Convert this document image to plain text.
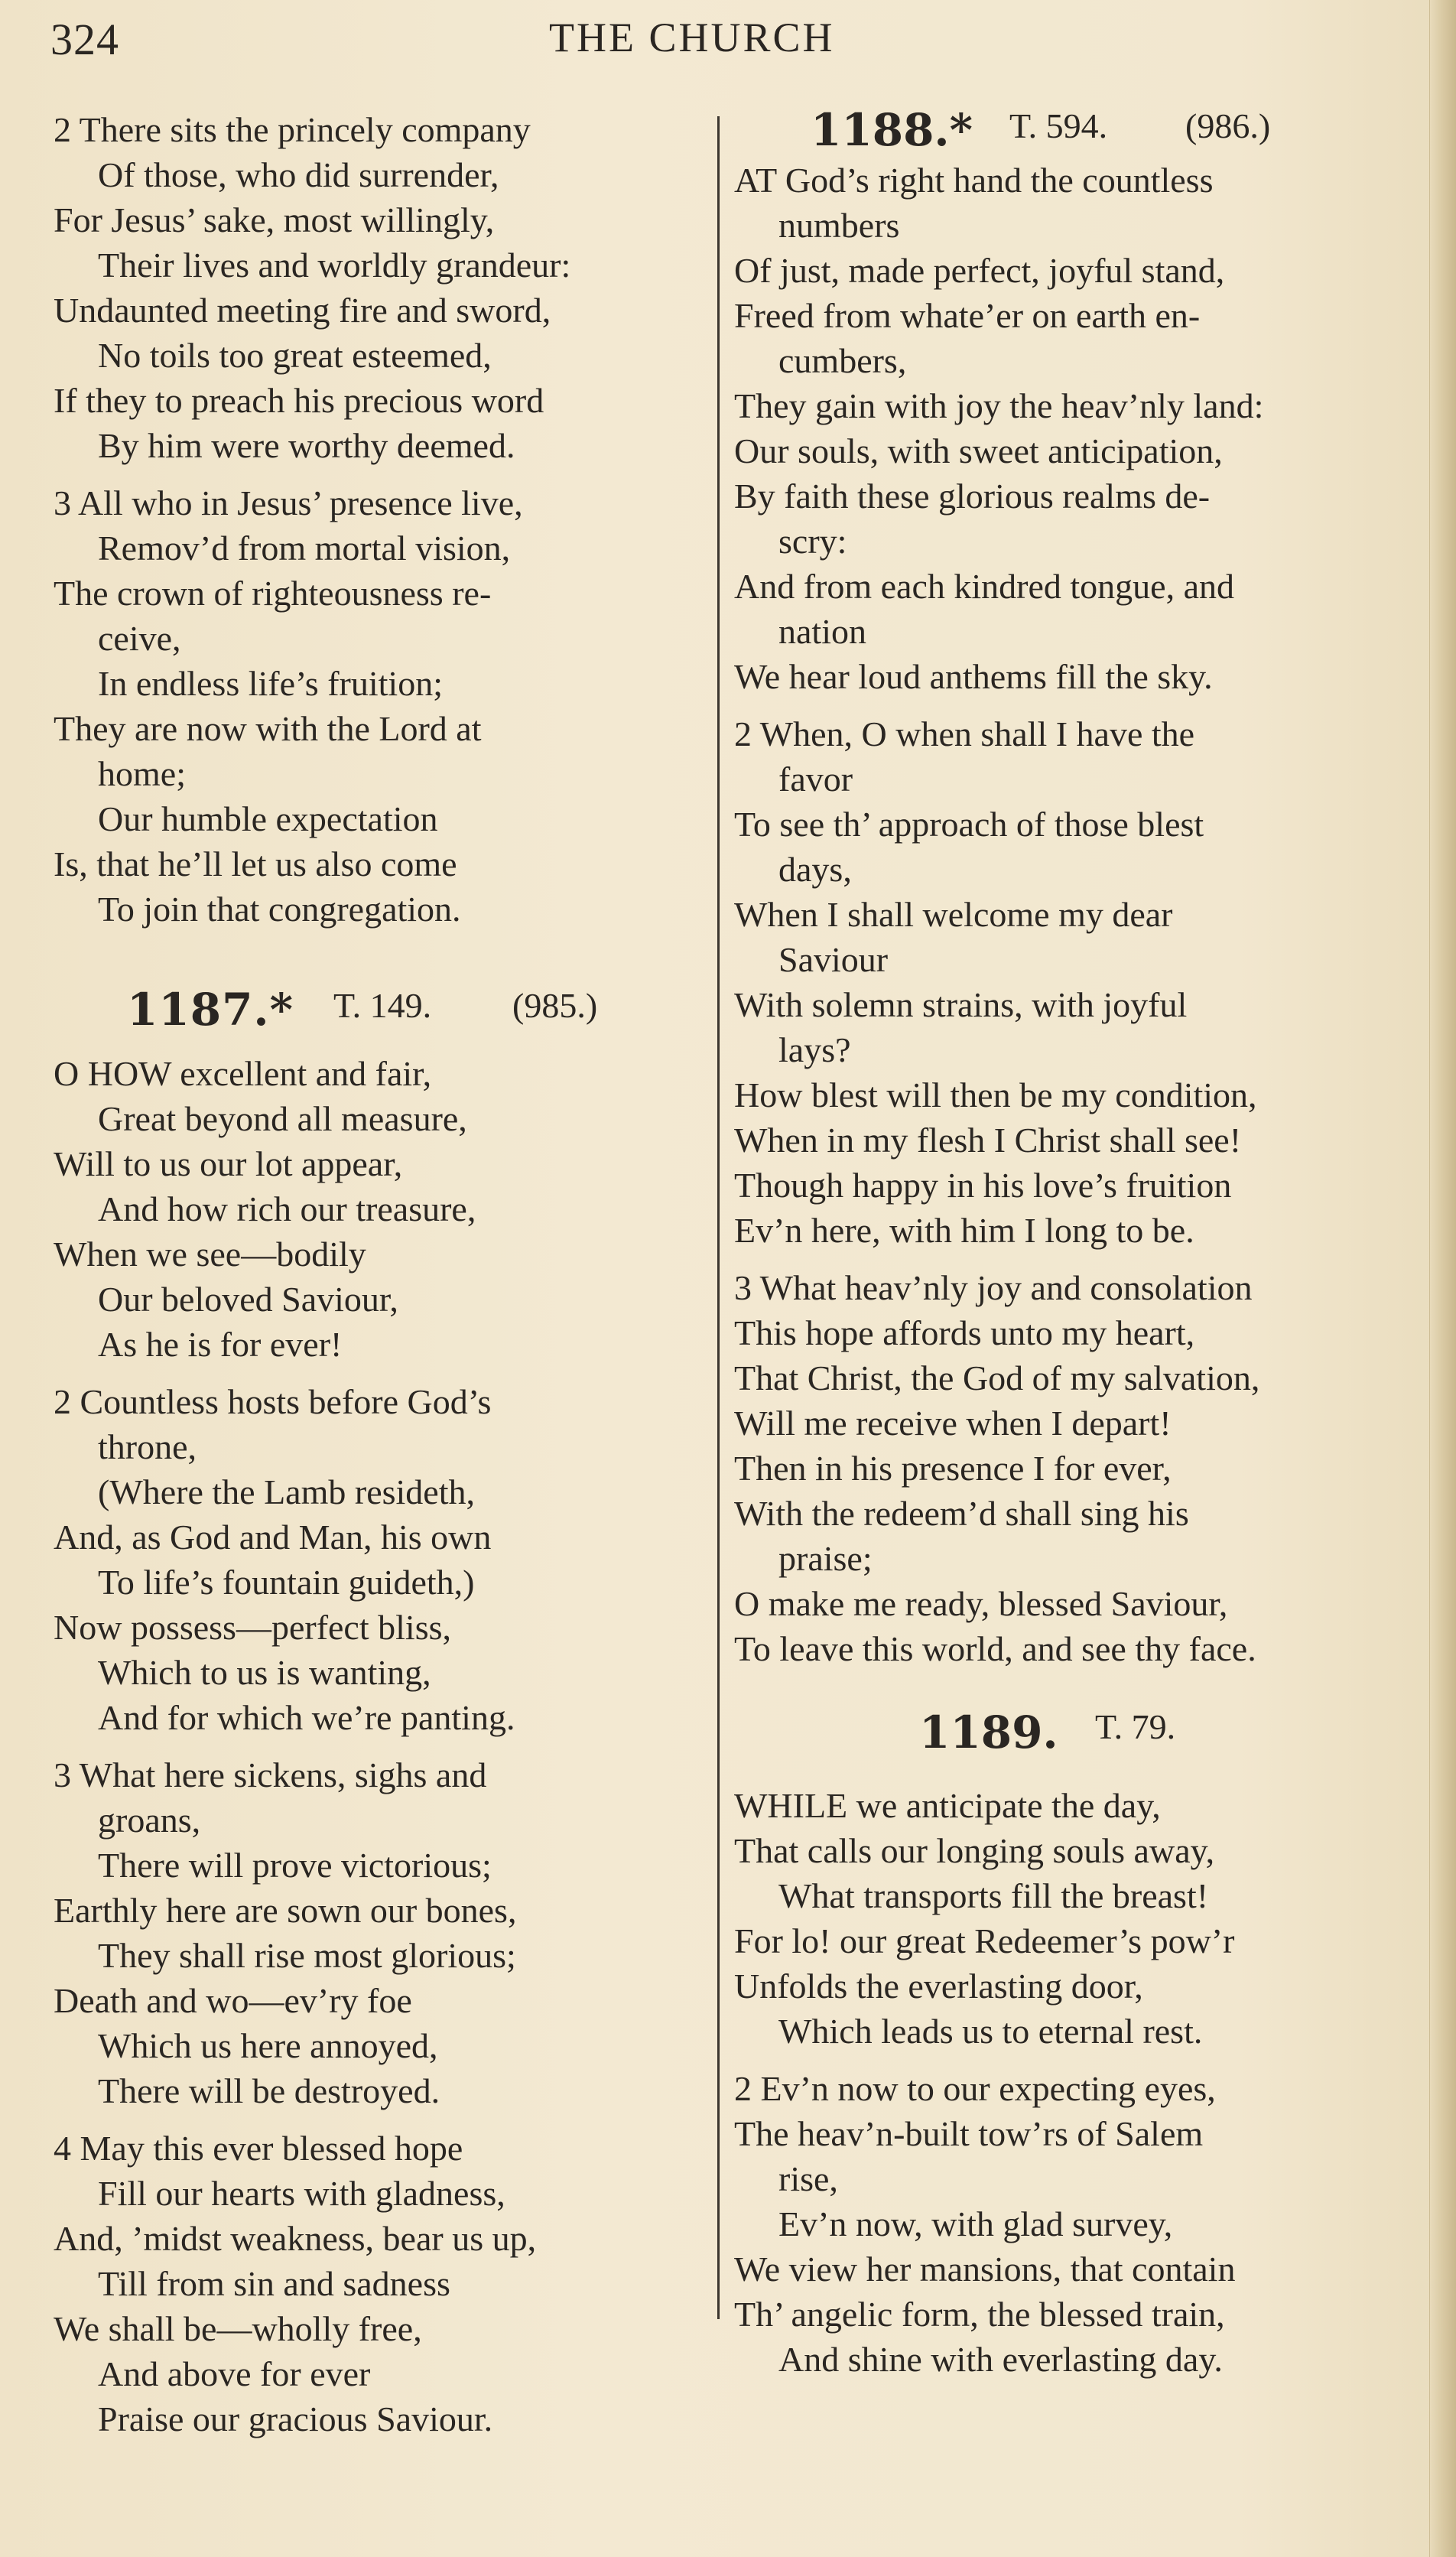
324	THE CHURCH
2 There sits the princely company
Of those, who did surrender,
For Jesus’ sake, most willingly,
Their lives and worldly grandeur:
Undaunted meeting fire and sword,
No toils too great esteemed,
If they to preach his precious word
By him were worthy deemed.
3 All who in Jesus’ presence live,
Remov’d from mortal vision,
The crown of righteousness re-
ceive,
In endless life’s fruition;
They are now with the Lord at
home;
Our humble expectation
Is, that he’ll let us also come
To join that congregation.
1187.* T. 149. (985.)
O HOW excellent and fair,
Great beyond all measure,
Will to us our lot appear,
And how rich our treasure,
When we see—bodily
Our beloved Saviour,
As he is for ever!
2 Countless hosts before God’s
throne,
(Where the Lamb resideth,
And, as God and Man, his own
To life’s fountain guideth,)
Now possess—perfect bliss,
Which to us is wanting,
And for which we’re panting.
3 What here sickens, sighs and
groans,
There will prove victorious;
Earthly here are sown our bones,
They shall rise most glorious;
Death and wo—ev’ry foe
Which us here annoyed,
There will be destroyed.
4 May this ever blessed hope
Fill our hearts with gladness,
And, ’midst weakness, bear us up,
Till from sin and sadness
We shall be—wholly free,
And above for ever
Praise our gracious Saviour.
1188.* T. 594. (986.)
AT God’s right hand the countless
numbers
Of just, made perfect, joyful stand,
Freed from whate’er on earth en-
cumbers,
They gain with joy the heav’nly land:
Our souls, with sweet anticipation,
By faith these glorious realms de-
scry:
And from each kindred tongue, and
nation
We hear loud anthems fill the sky.
2 When, O when shall I have the
favor
To see th’ approach of those blest
days,
When I shall welcome my dear
Saviour
With solemn strains, with joyful
lays?
How blest will then be my condition,
When in my flesh I Christ shall see!
Though happy in his love’s fruition
Ev’n here, with him I long to be.
3 What heav’nly joy and consolation
This hope affords unto my heart,
That Christ, the God of my salvation,
Will me receive when I depart!
Then in his presence I for ever,
With the redeem’d shall sing his
praise;
O make me ready, blessed Saviour,
To leave this world, and see thy face.
1189. T. 79.
WHILE we anticipate the day,
That calls our longing souls away,
What transports fill the breast!
For lo! our great Redeemer’s pow’r
Unfolds the everlasting door,
Which leads us to eternal rest.
2 Ev’n now to our expecting eyes,
The heav’n-built tow’rs of Salem
rise,
Ev’n now, with glad survey,
We view her mansions, that contain
Th’ angelic form, the blessed train,
And shine with everlasting day.
